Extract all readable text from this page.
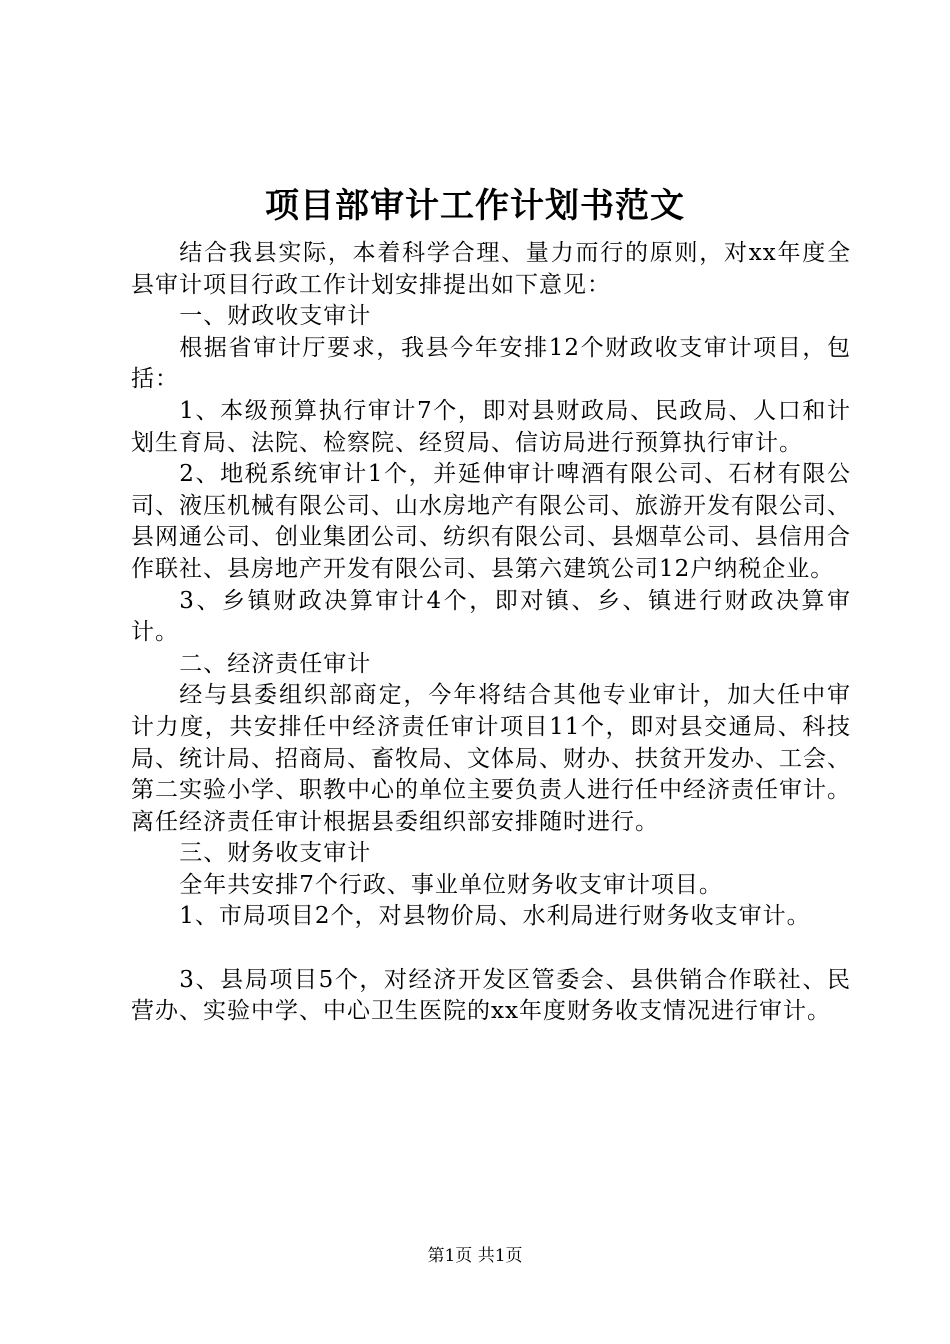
项目部审计工作计划书范文

结合我县实际，本着科学合理、量力而行的原则，对xx年度全县审计项目行政工作计划安排提出如下意见：

一、财政收支审计

根据省审计厅要求，我县今年安排12个财政收支审计项目，包括：

1、本级预算执行审计7个，即对县财政局、民政局、人口和计划生育局、法院、检察院、经贸局、信访局进行预算执行审计。

2、地税系统审计1个，并延伸审计啤酒有限公司、石材有限公司、液压机械有限公司、山水房地产有限公司、旅游开发有限公司、县网通公司、创业集团公司、纺织有限公司、县烟草公司、县信用合作联社、县房地产开发有限公司、县第六建筑公司12户纳税企业。

3、乡镇财政决算审计4个，即对镇、乡、镇进行财政决算审计。

二、经济责任审计

经与县委组织部商定，今年将结合其他专业审计，加大任中审计力度，共安排任中经济责任审计项目11个，即对县交通局、科技局、统计局、招商局、畜牧局、文体局、财办、扶贫开发办、工会、第二实验小学、职教中心的单位主要负责人进行任中经济责任审计。离任经济责任审计根据县委组织部安排随时进行。

三、财务收支审计

全年共安排7个行政、事业单位财务收支审计项目。

1、市局项目2个，对县物价局、水利局进行财务收支审计。

3、县局项目5个，对经济开发区管委会、县供销合作联社、民营办、实验中学、中心卫生医院的xx年度财务收支情况进行审计。

第1页 共1页
